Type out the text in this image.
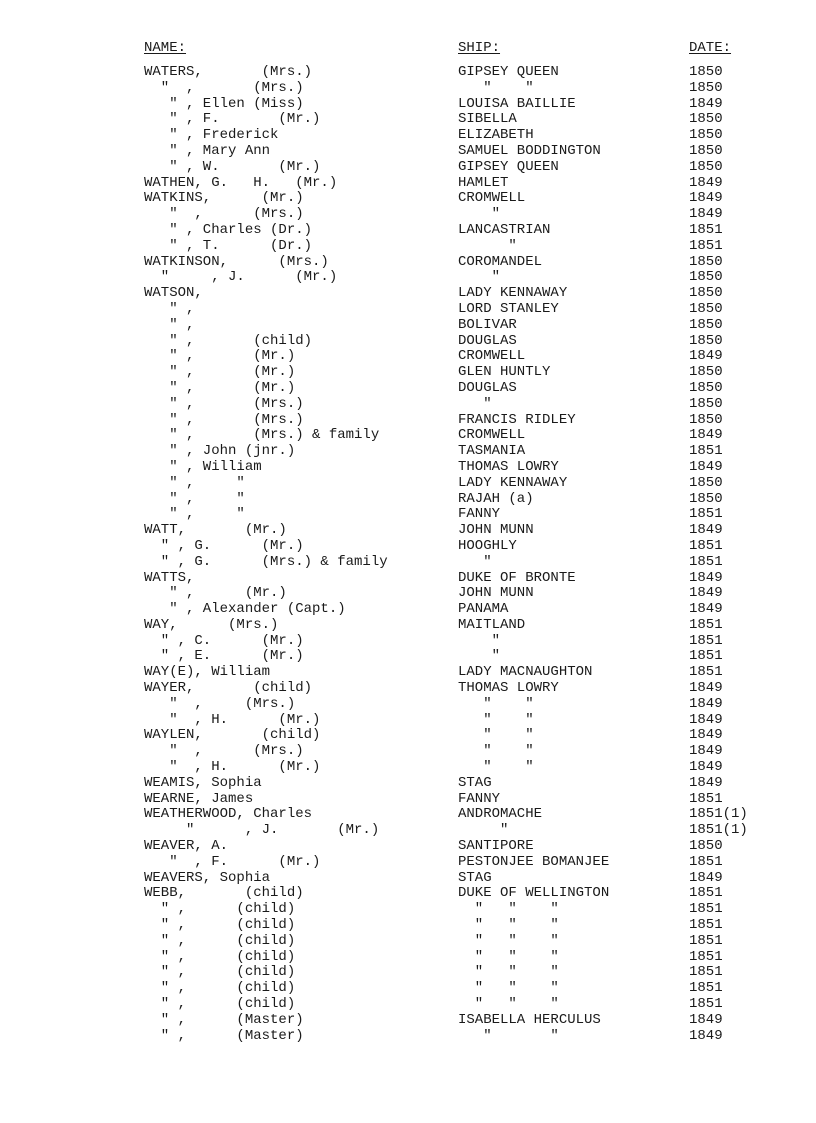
NAME:	SHIP:	DATE:
WATERS,       (Mrs.)	GIPSEY QUEEN	1850
"  ,       (Mrs.)	"    "	1850
" , Ellen (Miss)	LOUISA BAILLIE	1849
" , F.       (Mr.)	SIBELLA	1850
" , Frederick	ELIZABETH	1850
" , Mary Ann	SAMUEL BODDINGTON	1850
" , W.       (Mr.)	GIPSEY QUEEN	1850
WATHEN, G.   H.   (Mr.)	HAMLET	1849
WATKINS,      (Mr.)	CROMWELL	1849
"  ,      (Mrs.)	"	1849
" , Charles (Dr.)	LANCASTRIAN	1851
" , T.      (Dr.)	"	1851
WATKINSON,      (Mrs.)	COROMANDEL	1850
"     , J.      (Mr.)	"	1850
WATSON,	LADY KENNAWAY	1850
" ,	LORD STANLEY	1850
" ,	BOLIVAR	1850
" ,       (child)	DOUGLAS	1850
" ,       (Mr.)	CROMWELL	1849
" ,       (Mr.)	GLEN HUNTLY	1850
" ,       (Mr.)	DOUGLAS	1850
" ,       (Mrs.)	"	1850
" ,       (Mrs.)	FRANCIS RIDLEY	1850
" ,       (Mrs.) & family	CROMWELL	1849
" , John (jnr.)	TASMANIA	1851
" , William	THOMAS LOWRY	1849
" ,     "	LADY KENNAWAY	1850
" ,     "	RAJAH (a)	1850
" ,     "	FANNY	1851
WATT,       (Mr.)	JOHN MUNN	1849
" , G.      (Mr.)	HOOGHLY	1851
" , G.      (Mrs.) & family	"	1851
WATTS,	DUKE OF BRONTE	1849
" ,      (Mr.)	JOHN MUNN	1849
" , Alexander (Capt.)	PANAMA	1849
WAY,      (Mrs.)	MAITLAND	1851
" , C.      (Mr.)	"	1851
" , E.      (Mr.)	"	1851
WAY(E), William	LADY MACNAUGHTON	1851
WAYER,       (child)	THOMAS LOWRY	1849
"  ,     (Mrs.)	"    "	1849
"  , H.      (Mr.)	"    "	1849
WAYLEN,       (child)	"    "	1849
"  ,      (Mrs.)	"    "	1849
"  , H.      (Mr.)	"    "	1849
WEAMIS, Sophia	STAG	1849
WEARNE, James	FANNY	1851
WEATHERWOOD, Charles	ANDROMACHE	1851(1)
"      , J.       (Mr.)	"	1851(1)
WEAVER, A.	SANTIPORE	1850
"  , F.      (Mr.)	PESTONJEE BOMANJEE	1851
WEAVERS, Sophia	STAG	1849
WEBB,       (child)	DUKE OF WELLINGTON	1851
" ,      (child)	"   "    "	1851
" ,      (child)	"   "    "	1851
" ,      (child)	"   "    "	1851
" ,      (child)	"   "    "	1851
" ,      (child)	"   "    "	1851
" ,      (child)	"   "    "	1851
" ,      (child)	"   "    "	1851
" ,      (Master)	ISABELLA HERCULUS	1849
" ,      (Master)	"       "	1849
